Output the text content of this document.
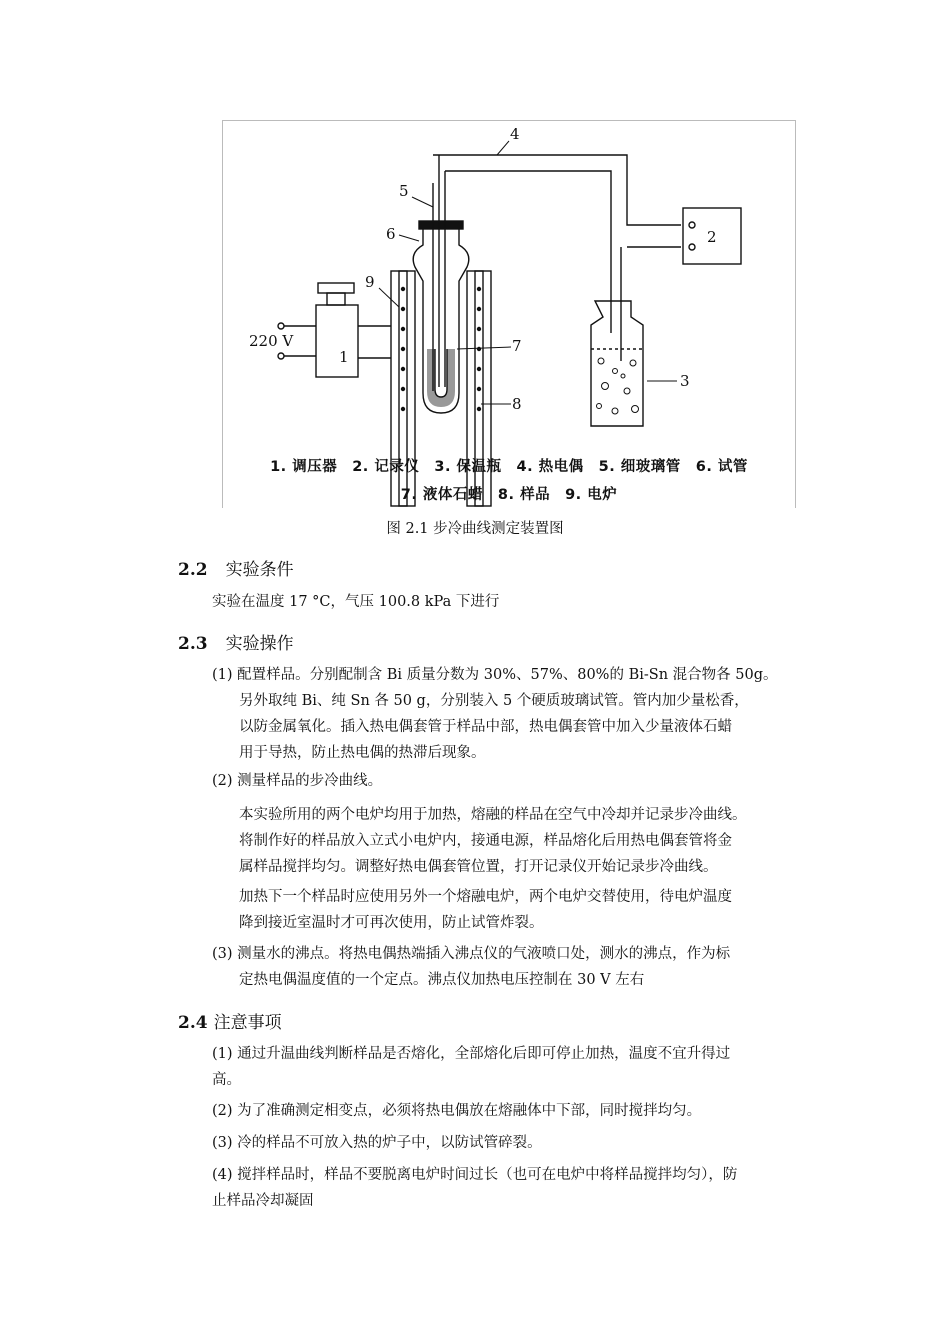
4
5
6
9
1
220 V
2
7
8
3
1. 调压器　2. 记录仪　3. 保温瓶　4. 热电偶　5. 细玻璃管　6. 试管
7. 液体石蜡　8. 样品　9. 电炉
图 2.1 步冷曲线测定装置图
2.2 实验条件
实验在温度 17 °C，气压 100.8 kPa 下进行
2.3 实验操作
(1) 配置样品。分别配制含 Bi 质量分数为 30%、57%、80%的 Bi-Sn 混合物各 50g。
另外取纯 Bi、纯 Sn 各 50 g，分别装入 5 个硬质玻璃试管。管内加少量松香，
以防金属氧化。插入热电偶套管于样品中部，热电偶套管中加入少量液体石蜡
用于导热，防止热电偶的热滞后现象。
(2) 测量样品的步冷曲线。
本实验所用的两个电炉均用于加热，熔融的样品在空气中冷却并记录步冷曲线。
将制作好的样品放入立式小电炉内，接通电源，样品熔化后用热电偶套管将金
属样品搅拌均匀。调整好热电偶套管位置，打开记录仪开始记录步冷曲线。
加热下一个样品时应使用另外一个熔融电炉，两个电炉交替使用，待电炉温度
降到接近室温时才可再次使用，防止试管炸裂。
(3) 测量水的沸点。将热电偶热端插入沸点仪的气液喷口处，测水的沸点，作为标
定热电偶温度值的一个定点。沸点仪加热电压控制在 30 V 左右
2.4 注意事项
(1) 通过升温曲线判断样品是否熔化，全部熔化后即可停止加热，温度不宜升得过
高。
(2) 为了准确测定相变点，必须将热电偶放在熔融体中下部，同时搅拌均匀。
(3) 冷的样品不可放入热的炉子中，以防试管碎裂。
(4) 搅拌样品时，样品不要脱离电炉时间过长（也可在电炉中将样品搅拌均匀），防
止样品冷却凝固
